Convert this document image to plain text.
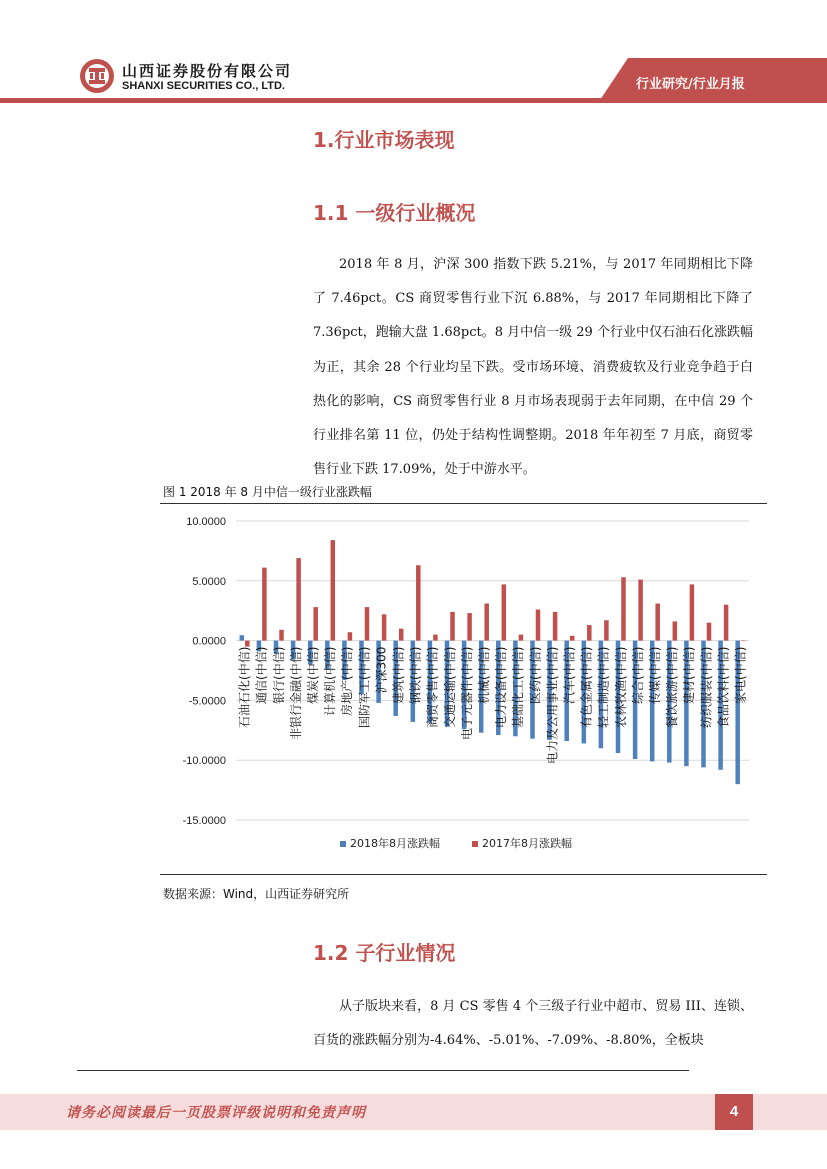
山西证券股份有限公司
SHANXI SECURITIES CO., LTD.	行业研究/行业月报
1.行业市场表现
1.1 一级行业概况

2018 年 8 月，沪深 300 指数下跌 5.21%，与 2017 年同期相比下降了 7.46pct。CS 商贸零售行业下沉 6.88%，与 2017 年同期相比下降了 7.36pct，跑输大盘 1.68pct。8 月中信一级 29 个行业中仅石油石化涨跌幅为正，其余 28 个行业均呈下跌。受市场环境、消费疲软及行业竞争趋于白热化的影响，CS 商贸零售行业 8 月市场表现弱于去年同期，在中信 29 个行业排名第 11 位，仍处于结构性调整期。2018 年年初至 7 月底，商贸零售行业下跌 17.09%，处于中游水平。

图 1 2018 年 8 月中信一级行业涨跌幅
10.0000
5.0000
0.0000
-5.0000
-10.0000
-15.0000
石油石化(中信) 通信(中信) 银行(中信) 非银行金融(中信) 煤炭(中信) 计算机(中信) 房地产(中信) 国防军工(中信) 沪深300 建筑(中信) 钢铁(中信) 商贸零售(中信) 交通运输(中信) 电子元器件(中信) 机械(中信) 电力设备(中信) 基础化工(中信) 医药(中信) 电力及公用事业(中信) 汽车(中信) 有色金属(中信) 轻工制造(中信) 农林牧渔(中信) 综合(中信) 传媒(中信) 餐饮旅游(中信) 建材(中信) 纺织服装(中信) 食品饮料(中信) 家电(中信)
2018年8月涨跌幅	2017年8月涨跌幅
数据来源：Wind，山西证券研究所
1.2 子行业情况

从子版块来看，8 月 CS 零售 4 个三级子行业中超市、贸易 III、连锁、百货的涨跌幅分别为-4.64%、-5.01%、-7.09%、-8.80%，全板块

请务必阅读最后一页股票评级说明和免责声明	4
